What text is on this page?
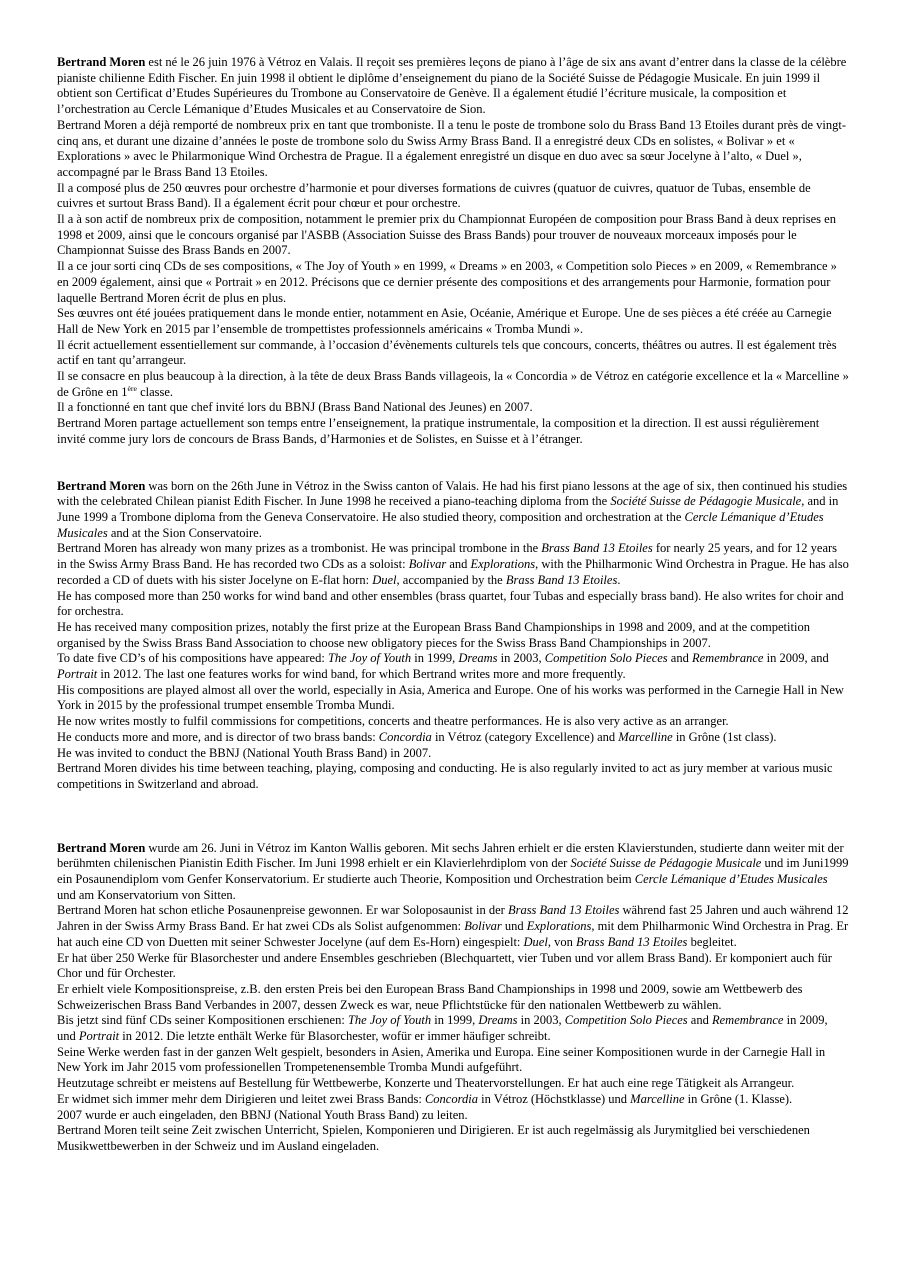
Bertrand Moren est né le 26 juin 1976 à Vétroz en Valais. Il reçoit ses premières leçons de piano à l’âge de six ans avant d’entrer dans la classe de la célèbre pianiste chilienne Edith Fischer. En juin 1998 il obtient le diplôme d’enseignement du piano de la Société Suisse de Pédagogie Musicale. En juin 1999 il obtient son Certificat d’Etudes Supérieures du Trombone au Conservatoire de Genève. Il a également étudié l’écriture musicale, la composition et l’orchestration au Cercle Lémanique d’Etudes Musicales et au Conservatoire de Sion.

Bertrand Moren a déjà remporté de nombreux prix en tant que tromboniste. Il a tenu le poste de trombone solo du Brass Band 13 Etoiles durant près de vingt-cinq ans, et durant une dizaine d’années le poste de trombone solo du Swiss Army Brass Band. Il a enregistré deux CDs en solistes, « Bolivar » et « Explorations » avec le Philarmonique Wind Orchestra de Prague. Il a également enregistré un disque en duo avec sa sœur Jocelyne à l’alto, « Duel », accompagné par le Brass Band 13 Etoiles.

Il a composé plus de 250 œuvres pour orchestre d’harmonie et pour diverses formations de cuivres (quatuor de cuivres, quatuor de Tubas, ensemble de cuivres et surtout Brass Band). Il a également écrit pour chœur et pour orchestre.

Il a à son actif de nombreux prix de composition, notamment le premier prix du Championnat Européen de composition pour Brass Band à deux reprises en 1998 et 2009, ainsi que le concours organisé par l'ASBB (Association Suisse des Brass Bands) pour trouver de nouveaux morceaux imposés pour le Championnat Suisse des Brass Bands en 2007.

Il a ce jour sorti cinq CDs de ses compositions, « The Joy of Youth » en 1999, « Dreams » en 2003, « Competition solo Pieces » en 2009, « Remembrance » en 2009 également, ainsi que « Portrait » en 2012. Précisons que ce dernier présente des compositions et des arrangements pour Harmonie, formation pour laquelle Bertrand Moren écrit de plus en plus.

Ses œuvres ont été jouées pratiquement dans le monde entier, notamment en Asie, Océanie, Amérique et Europe. Une de ses pièces a été créée au Carnegie Hall de New York en 2015 par l’ensemble de trompettistes professionnels américains « Tromba Mundi ».

Il écrit actuellement essentiellement sur commande, à l’occasion d’évènements culturels tels que concours, concerts, théâtres ou autres. Il est également très actif en tant qu’arrangeur.

Il se consacre en plus beaucoup à la direction, à la tête de deux Brass Bands villageois, la « Concordia » de Vétroz en catégorie excellence et la « Marcelline » de Grône en 1ère classe.

Il a fonctionné en tant que chef invité lors du BBNJ (Brass Band National des Jeunes) en 2007.

Bertrand Moren partage actuellement son temps entre l’enseignement, la pratique instrumentale, la composition et la direction. Il est aussi régulièrement invité comme jury lors de concours de Brass Bands, d’Harmonies et de Solistes, en Suisse et à l’étranger.

Bertrand Moren was born on the 26th June in Vétroz in the Swiss canton of Valais. He had his first piano lessons at the age of six, then continued his studies with the celebrated Chilean pianist Edith Fischer. In June 1998 he received a piano-teaching diploma from the Société Suisse de Pédagogie Musicale, and in June 1999 a Trombone diploma from the Geneva Conservatoire. He also studied theory, composition and orchestration at the Cercle Lémanique d’Etudes Musicales and at the Sion Conservatoire.

Bertrand Moren has already won many prizes as a trombonist. He was principal trombone in the Brass Band 13 Etoiles for nearly 25 years, and for 12 years in the Swiss Army Brass Band. He has recorded two CDs as a soloist: Bolivar and Explorations, with the Philharmonic Wind Orchestra in Prague. He has also recorded a CD of duets with his sister Jocelyne on E-flat horn: Duel, accompanied by the Brass Band 13 Etoiles.

He has composed more than 250 works for wind band and other ensembles (brass quartet, four Tubas and especially brass band). He also writes for choir and for orchestra.

He has received many composition prizes, notably the first prize at the European Brass Band Championships in 1998 and 2009, and at the competition organised by the Swiss Brass Band Association to choose new obligatory pieces for the Swiss Brass Band Championships in 2007.

To date five CD’s of his compositions have appeared: The Joy of Youth in 1999, Dreams in 2003, Competition Solo Pieces and Remembrance in 2009, and Portrait in 2012. The last one features works for wind band, for which Bertrand writes more and more frequently.

His compositions are played almost all over the world, especially in Asia, America and Europe. One of his works was performed in the Carnegie Hall in New York in 2015 by the professional trumpet ensemble Tromba Mundi.

He now writes mostly to fulfil commissions for competitions, concerts and theatre performances. He is also very active as an arranger.

He conducts more and more, and is director of two brass bands: Concordia in Vétroz (category Excellence) and Marcelline in Grône (1st class).

He was invited to conduct the BBNJ (National Youth Brass Band) in 2007.

Bertrand Moren divides his time between teaching, playing, composing and conducting. He is also regularly invited to act as jury member at various music competitions in Switzerland and abroad.

Bertrand Moren wurde am 26. Juni in Vétroz im Kanton Wallis geboren. Mit sechs Jahren erhielt er die ersten Klavierstunden, studierte dann weiter mit der berühmten chilenischen Pianistin Edith Fischer. Im Juni 1998 erhielt er ein Klavierlehrdiplom von der Société Suisse de Pédagogie Musicale und im Juni1999 ein Posaunendiplom vom Genfer Konservatorium. Er studierte auch Theorie, Komposition und Orchestration beim Cercle Lémanique d’Etudes Musicales und am Konservatorium von Sitten.

Bertrand Moren hat schon etliche Posaunenpreise gewonnen. Er war Soloposaunist in der Brass Band 13 Etoiles während fast 25 Jahren und auch während 12 Jahren in der Swiss Army Brass Band. Er hat zwei CDs als Solist aufgenommen: Bolivar und Explorations, mit dem Philharmonic Wind Orchestra in Prag. Er hat auch eine CD von Duetten mit seiner Schwester Jocelyne (auf dem Es-Horn) eingespielt: Duel, von Brass Band 13 Etoiles begleitet.

Er hat über 250 Werke für Blasorchester und andere Ensembles geschrieben (Blechquartett, vier Tuben und vor allem Brass Band). Er komponiert auch für Chor und für Orchester.

Er erhielt viele Kompositionspreise, z.B. den ersten Preis bei den European Brass Band Championships in 1998 und 2009, sowie am Wettbewerb des Schweizerischen Brass Band Verbandes in 2007, dessen Zweck es war, neue Pflichtstücke für den nationalen Wettbewerb zu wählen.

Bis jetzt sind fünf CDs seiner Kompositionen erschienen: The Joy of Youth in 1999, Dreams in 2003, Competition Solo Pieces and Remembrance in 2009, und Portrait in 2012. Die letzte enthält Werke für Blasorchester, wofür er immer häufiger schreibt.

Seine Werke werden fast in der ganzen Welt gespielt, besonders in Asien, Amerika und Europa. Eine seiner Kompositionen wurde in der Carnegie Hall in New York im Jahr 2015 vom professionellen Trompetenensemble Tromba Mundi aufgeführt.

Heutzutage schreibt er meistens auf Bestellung für Wettbewerbe, Konzerte und Theatervorstellungen. Er hat auch eine rege Tätigkeit als Arrangeur.

Er widmet sich immer mehr dem Dirigieren und leitet zwei Brass Bands: Concordia in Vétroz (Höchstklasse) und Marcelline in Grône (1. Klasse).

2007 wurde er auch eingeladen, den BBNJ (National Youth Brass Band) zu leiten.

Bertrand Moren teilt seine Zeit zwischen Unterricht, Spielen, Komponieren und Dirigieren. Er ist auch regelmässig als Jurymitglied bei verschiedenen Musikwettbewerben in der Schweiz und im Ausland eingeladen.
